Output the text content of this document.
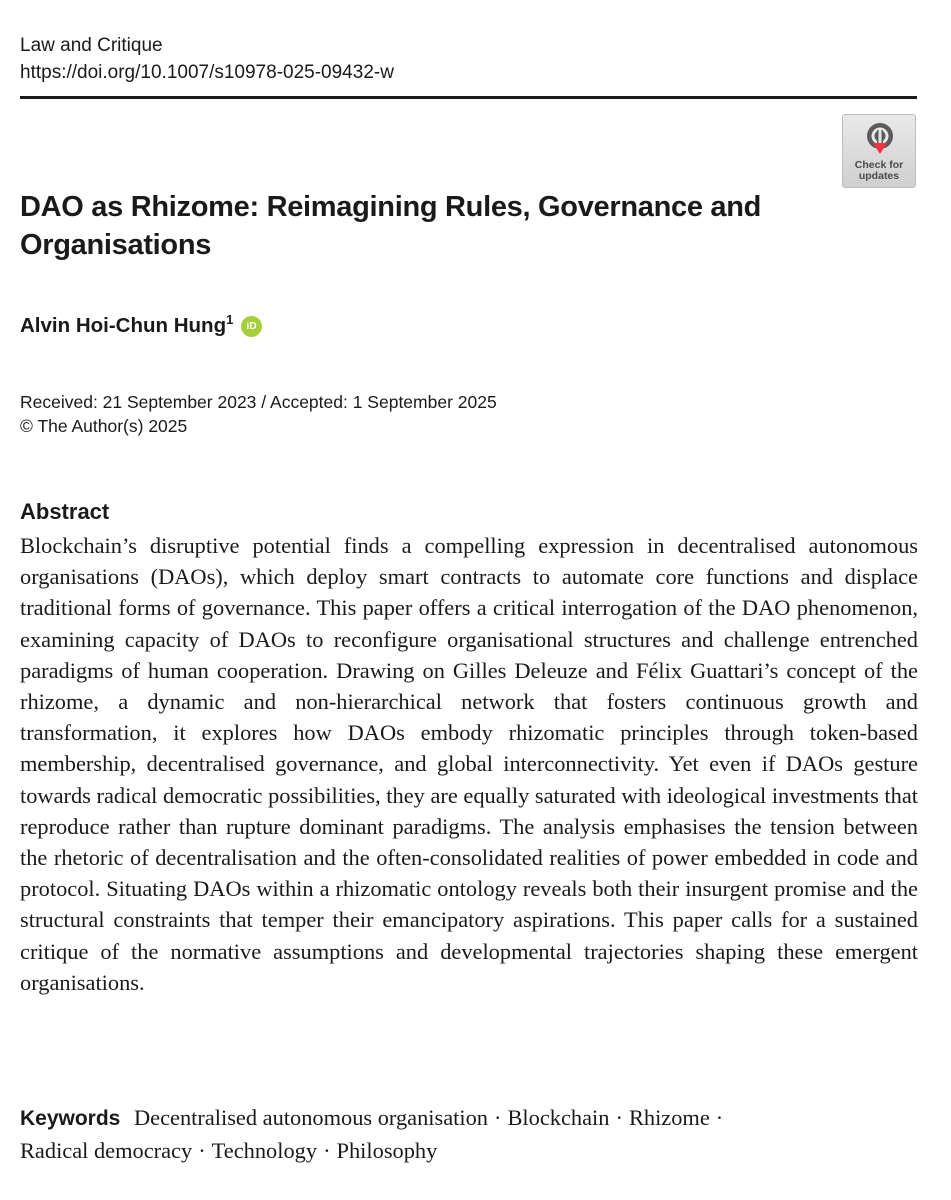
Law and Critique
https://doi.org/10.1007/s10978-025-09432-w
Check for
updates
DAO as Rhizome: Reimagining Rules, Governance and Organisations
Alvin Hoi-Chun Hung$^1$ iD
Received: 21 September 2023 / Accepted: 1 September 2025
© The Author(s) 2025
Abstract

Blockchain’s disruptive potential finds a compelling expression in decentralised autonomous organisations (DAOs), which deploy smart contracts to automate core functions and displace traditional forms of governance. This paper offers a critical interrogation of the DAO phenomenon, examining capacity of DAOs to reconfigure organisational structures and challenge entrenched paradigms of human cooperation. Drawing on Gilles Deleuze and Félix Guattari’s concept of the rhizome, a dynamic and non-hierarchical network that fosters continuous growth and transformation, it explores how DAOs embody rhizomatic principles through token-based membership, decentralised governance, and global interconnectivity. Yet even if DAOs gesture towards radical democratic possibilities, they are equally saturated with ideological investments that reproduce rather than rupture dominant paradigms. The analysis emphasises the tension between the rhetoric of decentralisation and the often-consolidated realities of power embedded in code and protocol. Situating DAOs within a rhizomatic ontology reveals both their insurgent promise and the structural constraints that temper their emancipatory aspirations. This paper calls for a sustained critique of the normative assumptions and developmental trajectories shaping these emergent organisations.

Keywords Decentralised autonomous organisation · Blockchain · Rhizome ·
Radical democracy · Technology · Philosophy
